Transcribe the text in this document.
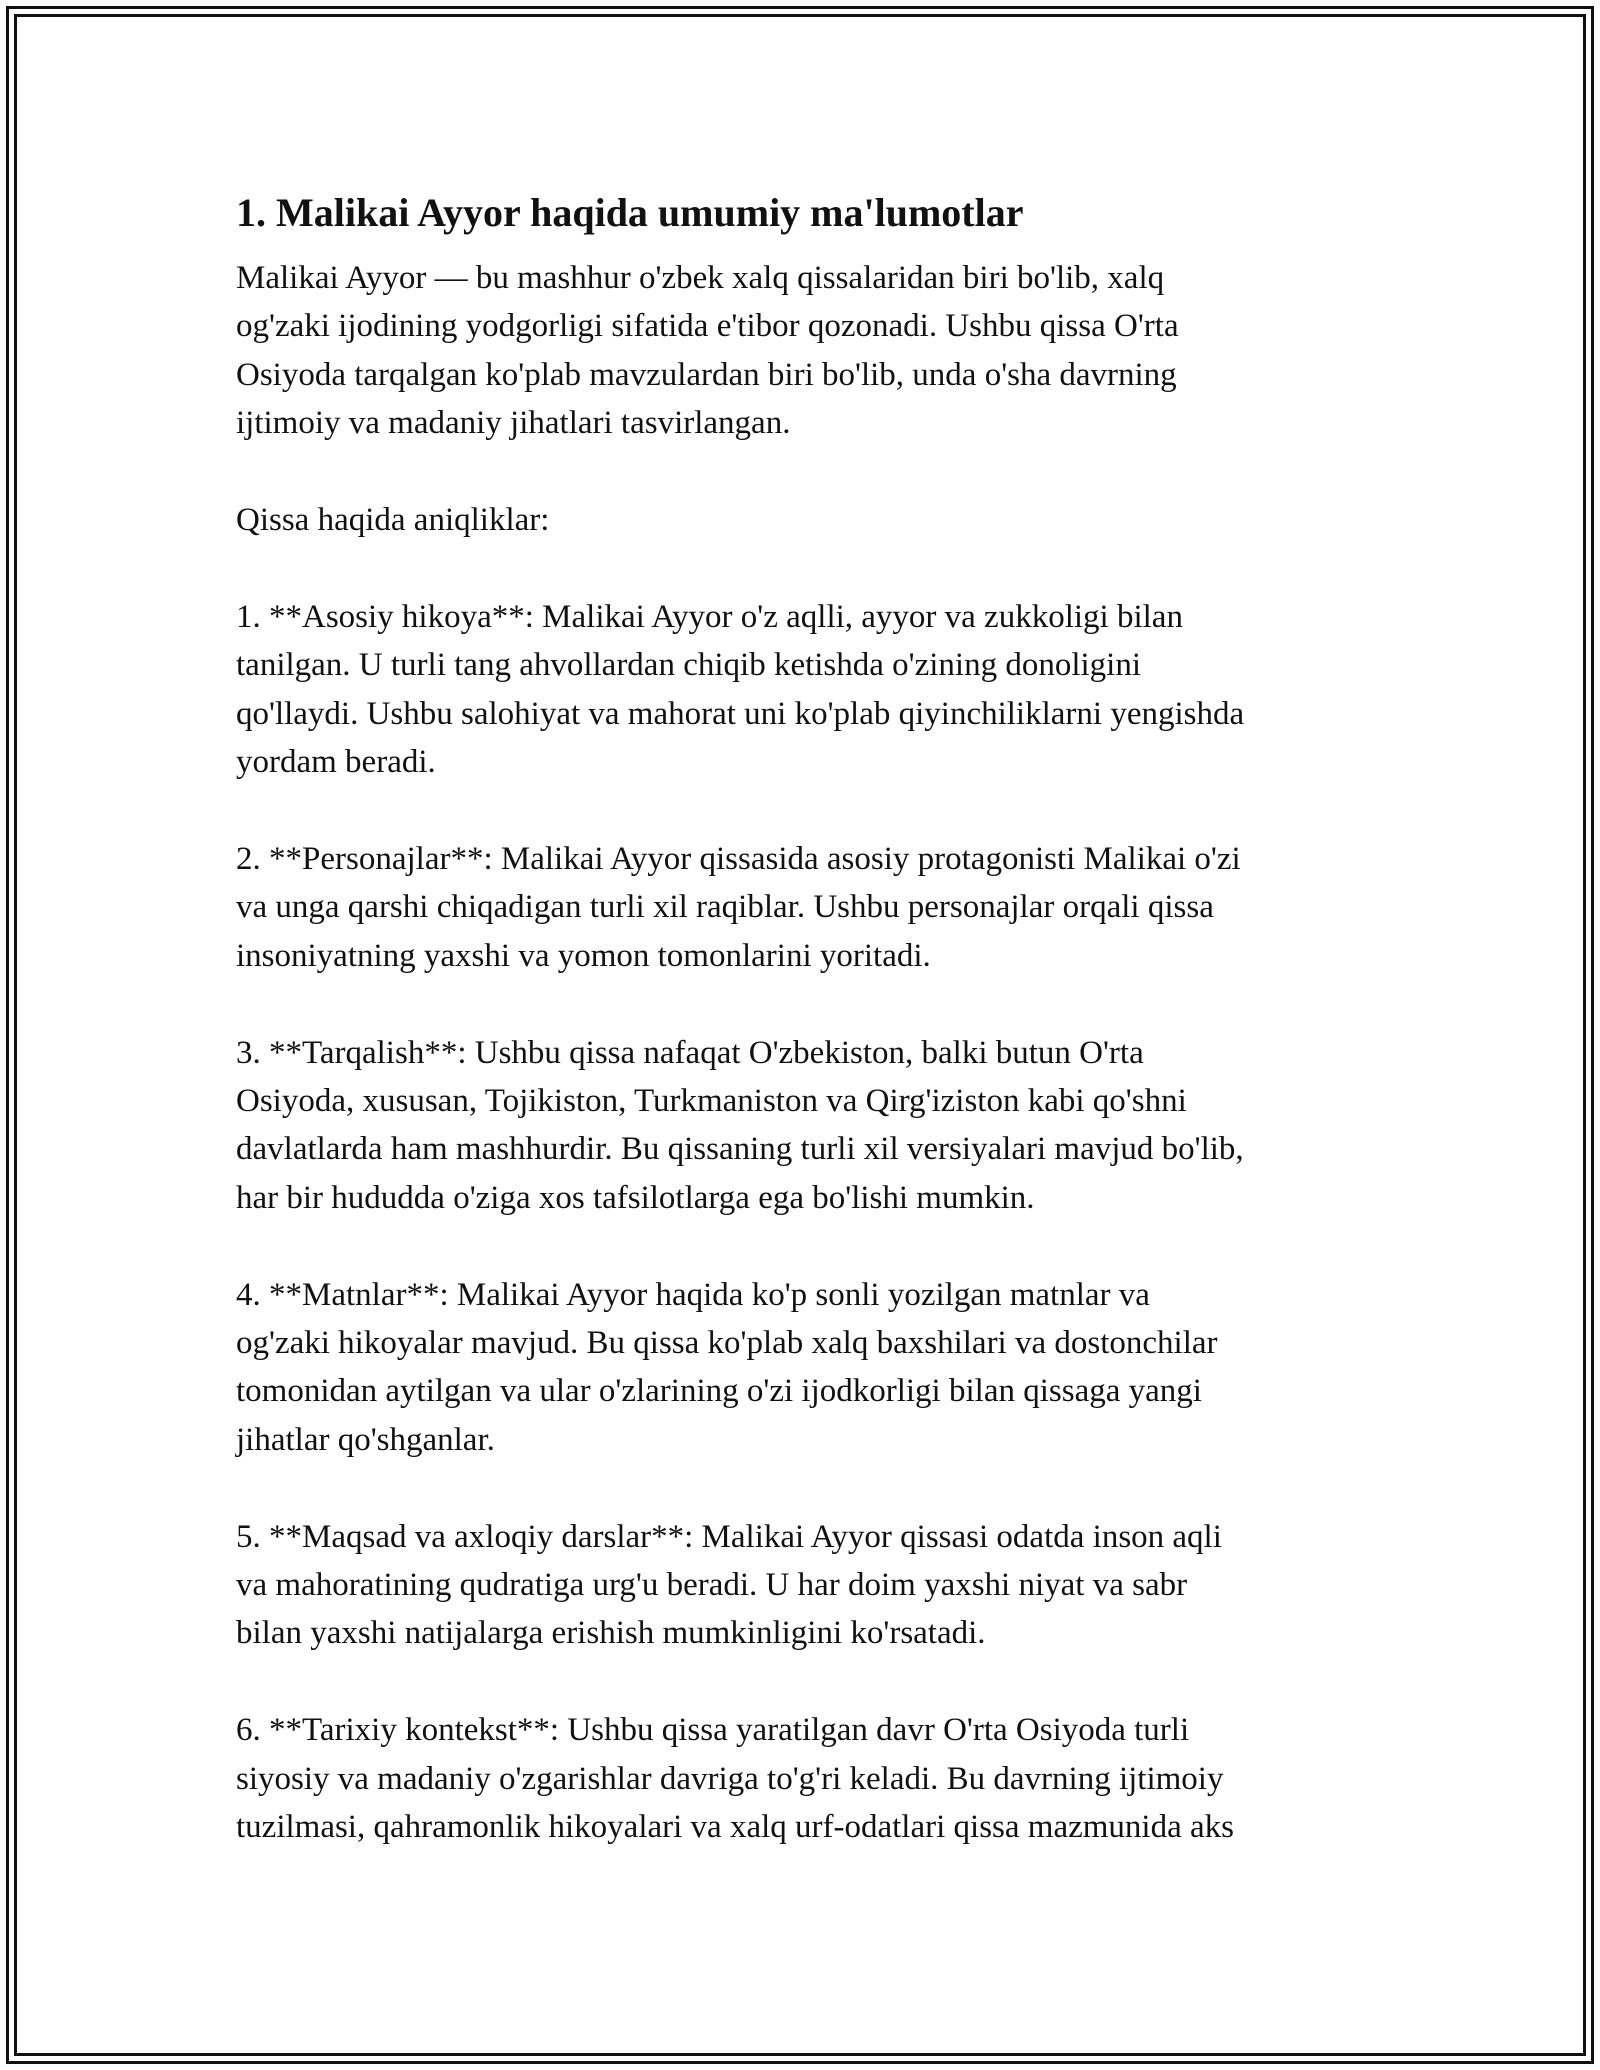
1. Malikai Ayyor haqida umumiy ma'lumotlar

Malikai Ayyor — bu mashhur o'zbek xalq qissalaridan biri bo'lib, xalq
og'zaki ijodining yodgorligi sifatida e'tibor qozonadi. Ushbu qissa O'rta
Osiyoda tarqalgan ko'plab mavzulardan biri bo'lib, unda o'sha davrning
ijtimoiy va madaniy jihatlari tasvirlangan.

Qissa haqida aniqliklar:

1. **Asosiy hikoya**: Malikai Ayyor o'z aqlli, ayyor va zukkoligi bilan
tanilgan. U turli tang ahvollardan chiqib ketishda o'zining donoligini
qo'llaydi. Ushbu salohiyat va mahorat uni ko'plab qiyinchiliklarni yengishda
yordam beradi.

2. **Personajlar**: Malikai Ayyor qissasida asosiy protagonisti Malikai o'zi
va unga qarshi chiqadigan turli xil raqiblar. Ushbu personajlar orqali qissa
insoniyatning yaxshi va yomon tomonlarini yoritadi.

3. **Tarqalish**: Ushbu qissa nafaqat O'zbekiston, balki butun O'rta
Osiyoda, xususan, Tojikiston, Turkmaniston va Qirg'iziston kabi qo'shni
davlatlarda ham mashhurdir. Bu qissaning turli xil versiyalari mavjud bo'lib,
har bir hududda o'ziga xos tafsilotlarga ega bo'lishi mumkin.

4. **Matnlar**: Malikai Ayyor haqida ko'p sonli yozilgan matnlar va
og'zaki hikoyalar mavjud. Bu qissa ko'plab xalq baxshilari va dostonchilar
tomonidan aytilgan va ular o'zlarining o'zi ijodkorligi bilan qissaga yangi
jihatlar qo'shganlar.

5. **Maqsad va axloqiy darslar**: Malikai Ayyor qissasi odatda inson aqli
va mahoratining qudratiga urg'u beradi. U har doim yaxshi niyat va sabr
bilan yaxshi natijalarga erishish mumkinligini ko'rsatadi.

6. **Tarixiy kontekst**: Ushbu qissa yaratilgan davr O'rta Osiyoda turli
siyosiy va madaniy o'zgarishlar davriga to'g'ri keladi. Bu davrning ijtimoiy
tuzilmasi, qahramonlik hikoyalari va xalq urf-odatlari qissa mazmunida aks
